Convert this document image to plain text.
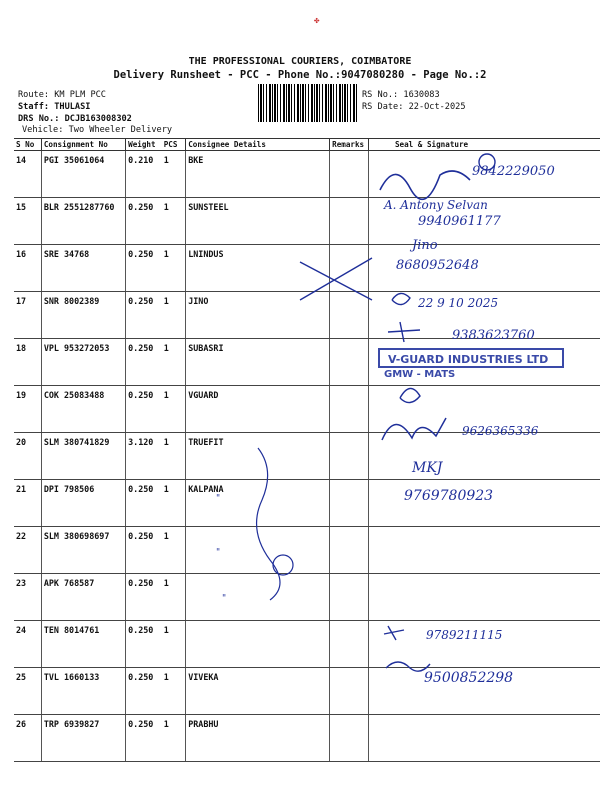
✤
THE PROFESSIONAL COURIERS, COIMBATORE
Delivery Runsheet - PCC - Phone No.:9047080280 - Page No.:2
Route: KM PLM PCC
Staff: THULASI
DRS No.: DCJB163008302
Vehicle: Two Wheeler Delivery
RS No.: 1630083
RS Date: 22-Oct-2025
S No	Consignment No	Weight	PCS	Consignee Details	Remarks	Seal & Signature
14	PGI 35061064	0.210	1	BKE		
15	BLR 2551287760	0.250	1	SUNSTEEL		
16	SRE 34768	0.250	1	LNINDUS		
17	SNR 8002389	0.250	1	JINO		
18	VPL 953272053	0.250	1	SUBASRI		
19	COK 25083488	0.250	1	VGUARD		
20	SLM 380741829	3.120	1	TRUEFIT		
21	DPI 798506	0.250	1	KALPANA		
22	SLM 380698697	0.250	1			
23	APK 768587	0.250	1			
24	TEN 8014761	0.250	1			
25	TVL 1660133	0.250	1	VIVEKA		
26	TRP 6939827	0.250	1	PRABHU		
9842229050
A. Antony Selvan
9940961177
Jino
8680952648
22 9 10 2025
9383623760
V-GUARD INDUSTRIES LTD
GMW - MATS
9626365336
MKJ
9769780923
9789211115
9500852298
"
"
"
